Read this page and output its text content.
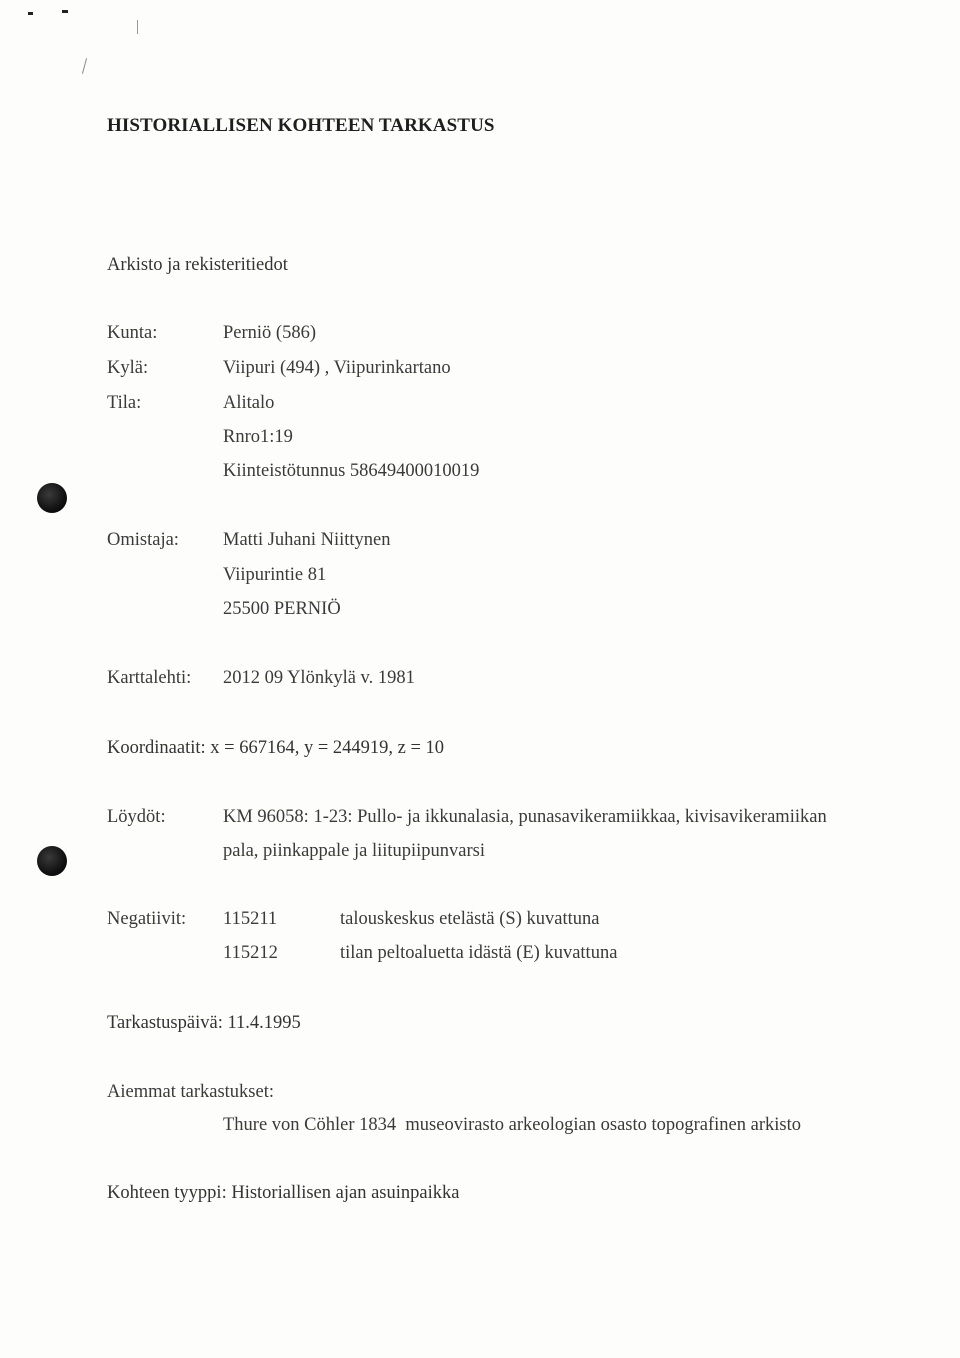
HISTORIALLISEN KOHTEEN TARKASTUS
Arkisto ja rekisteritiedot
Kunta:	Perniö (586)
Kylä:	Viipuri (494) , Viipurinkartano
Tila:	Alitalo
Rnro1:19
Kiinteistötunnus 58649400010019
Omistaja: Matti Juhani Niittynen
Viipurintie 81
25500 PERNIÖ
Karttalehti: 2012 09 Ylönkylä v. 1981
Koordinaatit: x = 667164, y = 244919, z = 10
Löydöt:	KM 96058: 1-23: Pullo- ja ikkunalasia, punasavikeramiikkaa, kivisavikeramiikan
pala, piinkappale ja liitupiipunvarsi
Negatiivit: 115211	talouskeskus etelästä (S) kuvattuna
115212	tilan peltoaluetta idästä (E) kuvattuna
Tarkastuspäivä: 11.4.1995
Aiemmat tarkastukset:
Thure von Cöhler 1834  museovirasto arkeologian osasto topografinen arkisto
Kohteen tyyppi: Historiallisen ajan asuinpaikka
